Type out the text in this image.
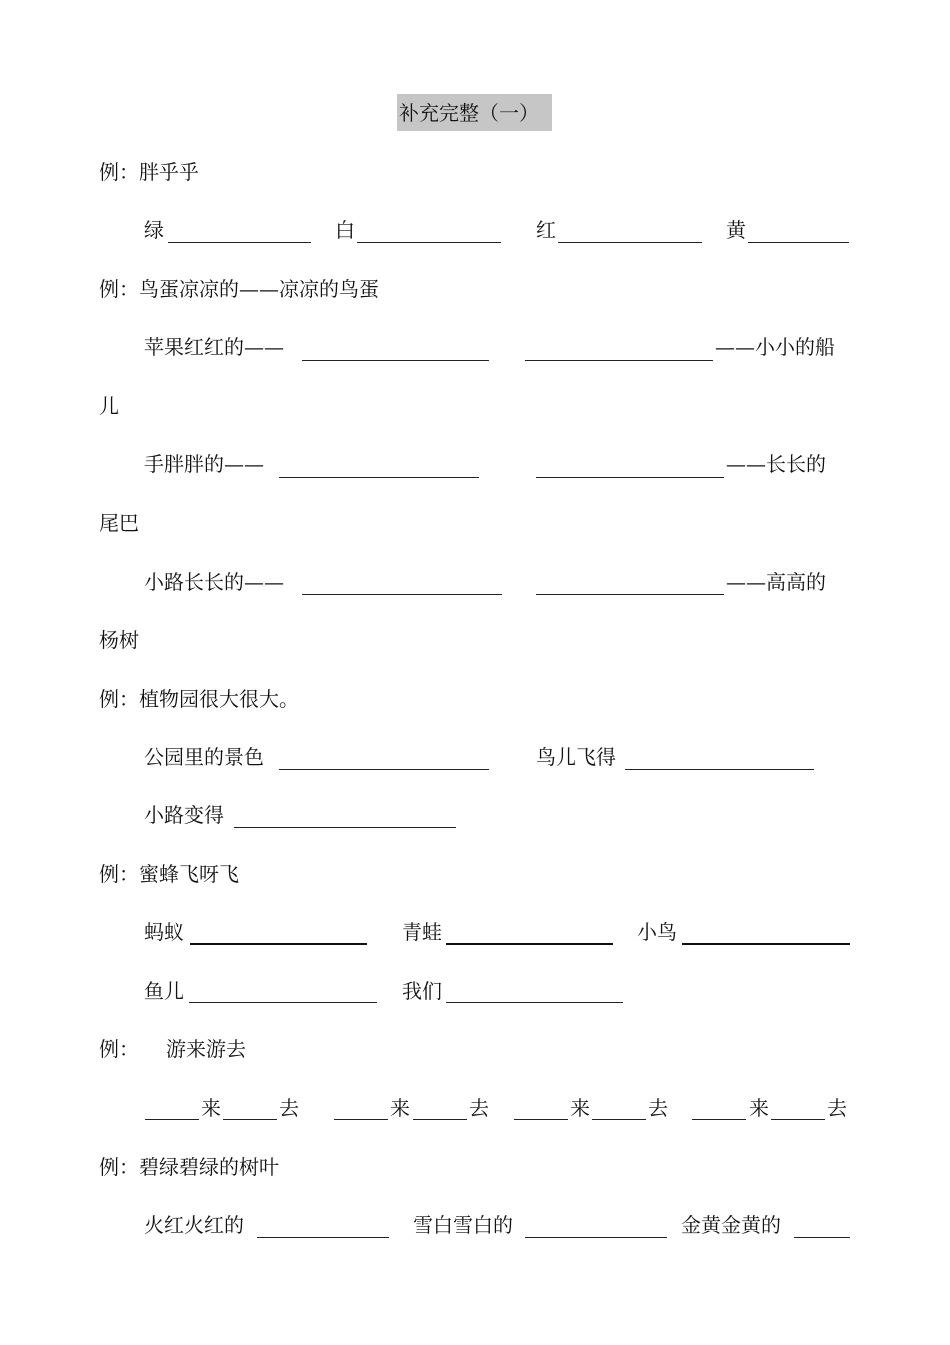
补充完整（一）
例：胖乎乎
绿	白	红	黄
例：鸟蛋凉凉的——凉凉的鸟蛋
苹果红红的——	——小小的船
儿
手胖胖的——	——长长的
尾巴
小路长长的——	——高高的
杨树
例：植物园很大很大。
公园里的景色	鸟儿飞得
小路变得
例：蜜蜂飞呀飞
蚂蚁	青蛙	小鸟
鱼儿	我们
例： 游来游去
来	去	来	去	来	去	来	去
例：碧绿碧绿的树叶
火红火红的	雪白雪白的	金黄金黄的
